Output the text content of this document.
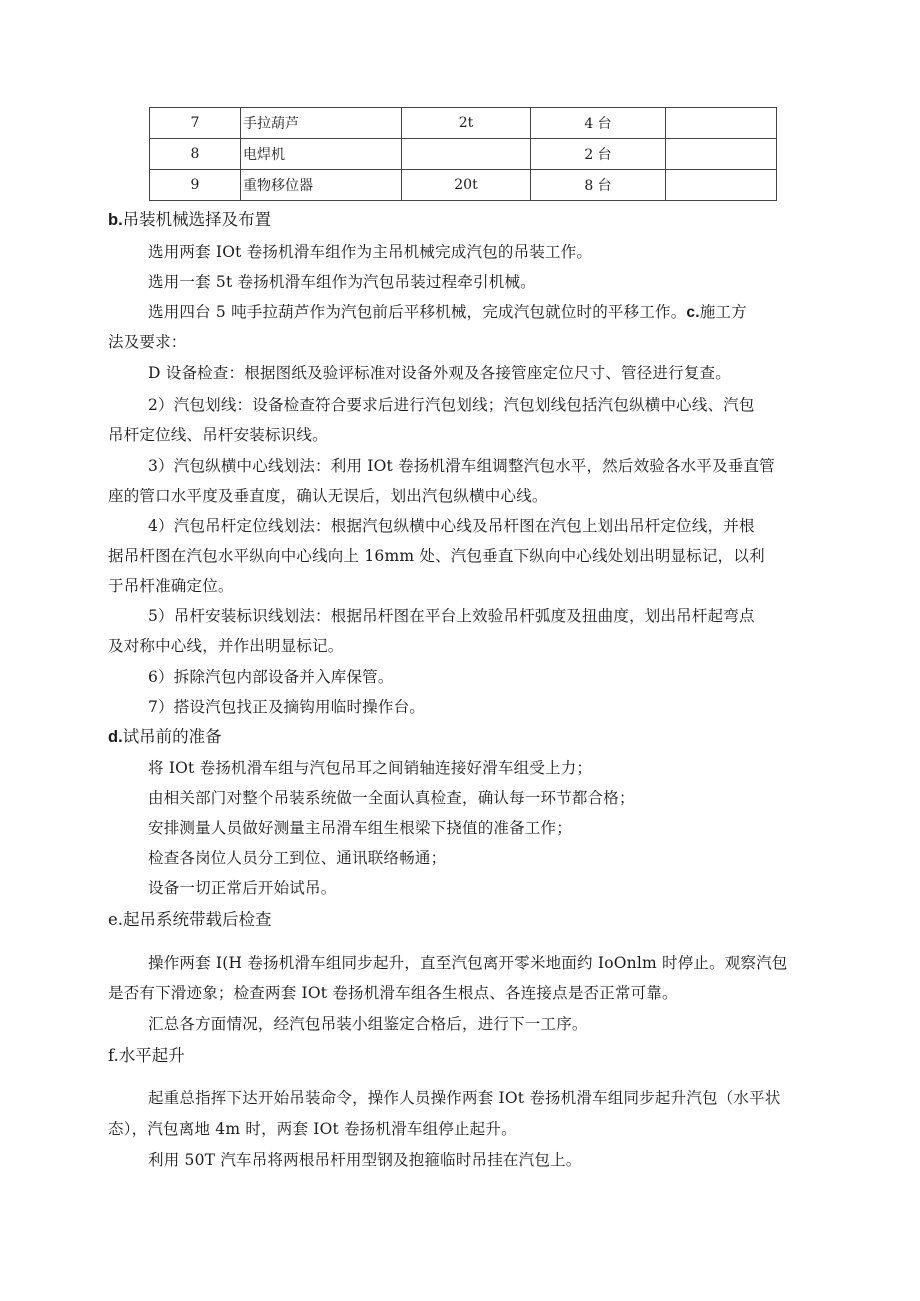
7	手拉葫芦	2t	4 台	
8	电焊机		2 台	
9	重物移位器	20t	8 台	
b.吊装机械选择及布置
选用两套 IOt 卷扬机滑车组作为主吊机械完成汽包的吊装工作。
选用一套 5t 卷扬机滑车组作为汽包吊装过程牵引机械。
选用四台 5 吨手拉葫芦作为汽包前后平移机械，完成汽包就位时的平移工作。c.施工方
法及要求：
D 设备检查：根据图纸及验评标准对设备外观及各接管座定位尺寸、管径进行复查。
2）汽包划线：设备检查符合要求后进行汽包划线；汽包划线包括汽包纵横中心线、汽包
吊杆定位线、吊杆安装标识线。
3）汽包纵横中心线划法：利用 IOt 卷扬机滑车组调整汽包水平，然后效验各水平及垂直管
座的管口水平度及垂直度，确认无误后，划出汽包纵横中心线。
4）汽包吊杆定位线划法：根据汽包纵横中心线及吊杆图在汽包上划出吊杆定位线，并根
据吊杆图在汽包水平纵向中心线向上 16mm 处、汽包垂直下纵向中心线处划出明显标记，以利
于吊杆准确定位。
5）吊杆安装标识线划法：根据吊杆图在平台上效验吊杆弧度及扭曲度，划出吊杆起弯点
及对称中心线，并作出明显标记。
6）拆除汽包内部设备并入库保管。
7）搭设汽包找正及摘钩用临时操作台。
d.试吊前的准备
将 IOt 卷扬机滑车组与汽包吊耳之间销轴连接好滑车组受上力；
由相关部门对整个吊装系统做一全面认真检查，确认每一环节都合格；
安排测量人员做好测量主吊滑车组生根梁下挠值的准备工作；
检查各岗位人员分工到位、通讯联络畅通；
设备一切正常后开始试吊。
e.起吊系统带载后检查
操作两套 I(H 卷扬机滑车组同步起升，直至汽包离开零米地面约 IoOnlm 时停止。观察汽包
是否有下滑迹象；检查两套 IOt 卷扬机滑车组各生根点、各连接点是否正常可靠。
汇总各方面情况，经汽包吊装小组鉴定合格后，进行下一工序。
f.水平起升
起重总指挥下达开始吊装命令，操作人员操作两套 IOt 卷扬机滑车组同步起升汽包（水平状
态），汽包离地 4m 时，两套 IOt 卷扬机滑车组停止起升。
利用 50T 汽车吊将两根吊杆用型钢及抱箍临时吊挂在汽包上。
